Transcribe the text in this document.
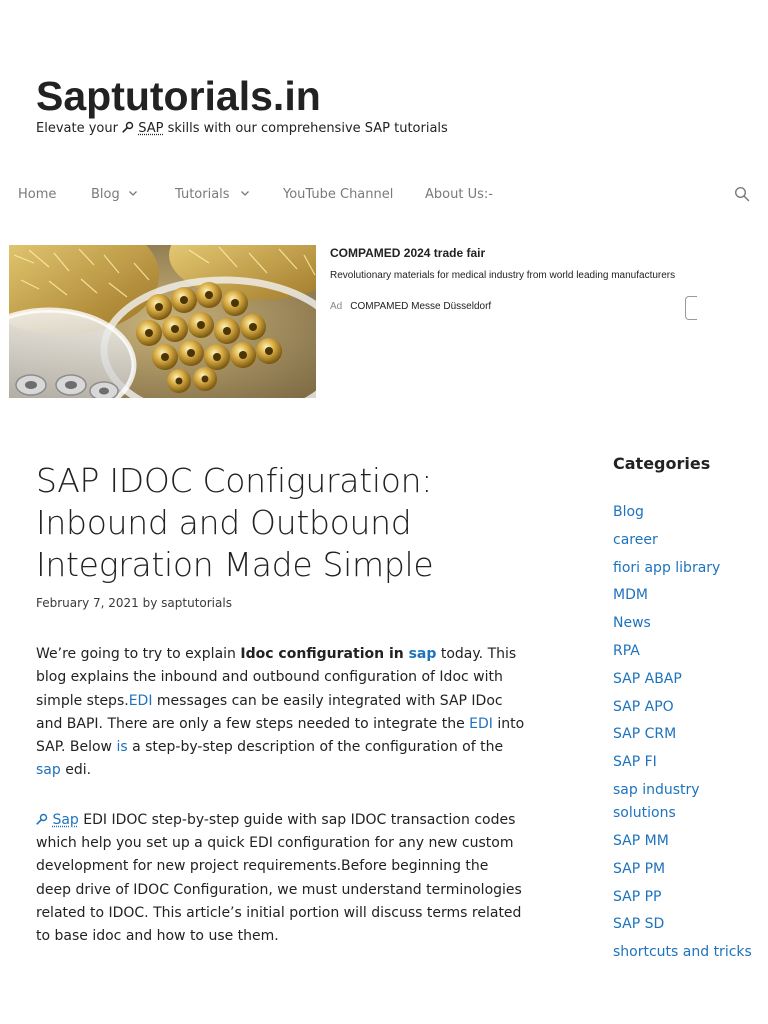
Saptutorials.in
Elevate your  SAP skills with our comprehensive SAP tutorials
Home	Blog	Tutorials	YouTube Channel About Us:-
COMPAMED 2024 trade fair
Revolutionary materials for medical industry from world leading manufacturers
Ad COMPAMED Messe Düsseldorf
SAP IDOC Configuration: Inbound and Outbound Integration Made Simple
February 7, 2021 by saptutorials

We’re going to try to explain Idoc configuration in sap today. This blog explains the inbound and outbound configuration of Idoc with simple steps.EDI messages can be easily integrated with SAP IDoc and BAPI. There are only a few steps needed to integrate the EDI into SAP. Below is a step-by-step description of the configuration of the sap edi.

Sap EDI IDOC step-by-step guide with sap IDOC transaction codes which help you set up a quick EDI configuration for any new custom development for new project requirements.Before beginning the deep drive of IDOC Configuration, we must understand terminologies related to IDOC. This article’s initial portion will discuss terms related to base idoc and how to use them.

Categories
Blog
career
fiori app library
MDM
News
RPA
SAP ABAP
SAP APO
SAP CRM
SAP FI
sap industry solutions
SAP MM
SAP PM
SAP PP
SAP SD
shortcuts and tricks
